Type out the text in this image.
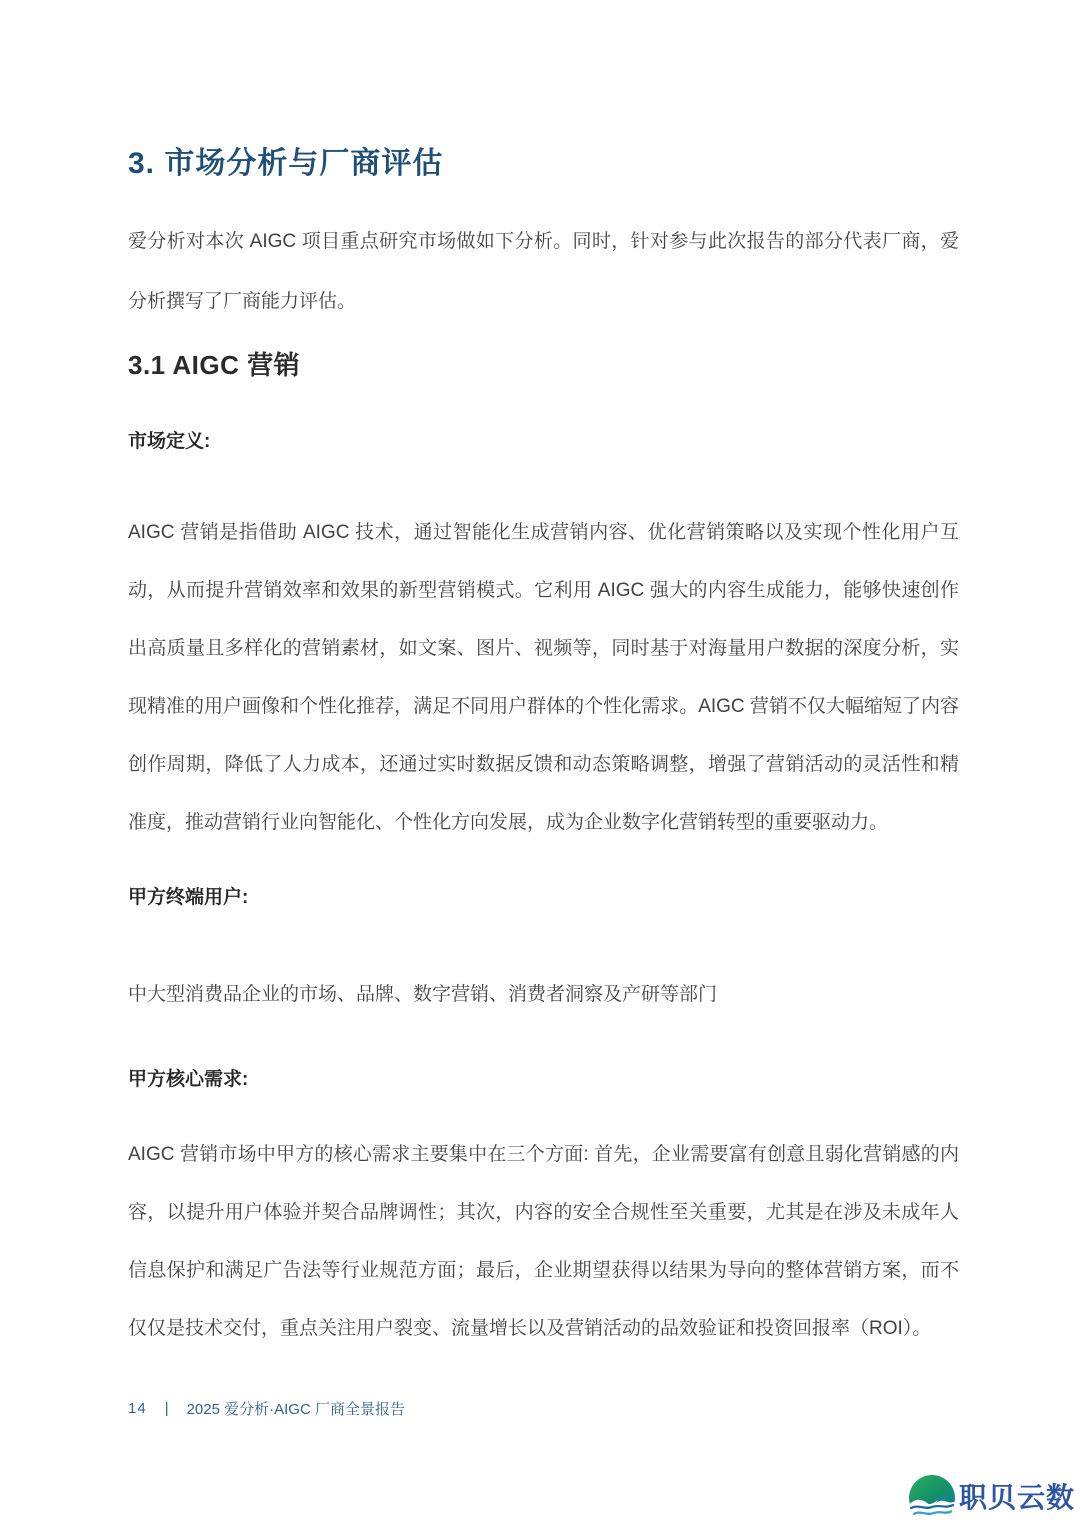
3. 市场分析与厂商评估

爱分析对本次 AIGC 项目重点研究市场做如下分析。同时，针对参与此次报告的部分代表厂商，爱分析撰写了厂商能力评估。

3.1 AIGC 营销

市场定义:

AIGC 营销是指借助 AIGC 技术，通过智能化生成营销内容、优化营销策略以及实现个性化用户互动，从而提升营销效率和效果的新型营销模式。它利用 AIGC 强大的内容生成能力，能够快速创作出高质量且多样化的营销素材，如文案、图片、视频等，同时基于对海量用户数据的深度分析，实现精准的用户画像和个性化推荐，满足不同用户群体的个性化需求。AIGC 营销不仅大幅缩短了内容创作周期，降低了人力成本，还通过实时数据反馈和动态策略调整，增强了营销活动的灵活性和精准度，推动营销行业向智能化、个性化方向发展，成为企业数字化营销转型的重要驱动力。

甲方终端用户:

中大型消费品企业的市场、品牌、数字营销、消费者洞察及产研等部门

甲方核心需求:

AIGC 营销市场中甲方的核心需求主要集中在三个方面: 首先，企业需要富有创意且弱化营销感的内容，以提升用户体验并契合品牌调性；其次，内容的安全合规性至关重要，尤其是在涉及未成年人信息保护和满足广告法等行业规范方面；最后，企业期望获得以结果为导向的整体营销方案，而不仅仅是技术交付，重点关注用户裂变、流量增长以及营销活动的品效验证和投资回报率（ROI）。

14 | 2025 爱分析·AIGC 厂商全景报告
职贝云数
